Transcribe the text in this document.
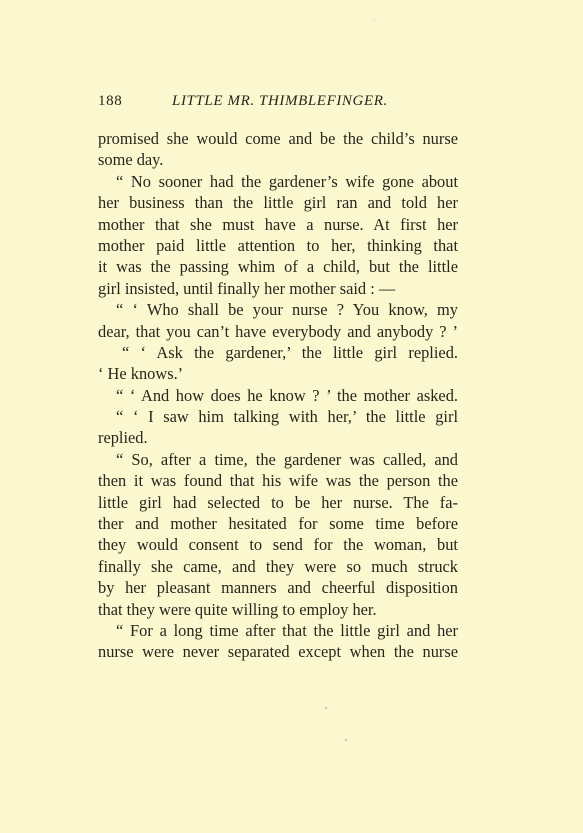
188	LITTLE MR. THIMBLEFINGER.
promised she would come and be the child’s nurse
some day.
“ No sooner had the gardener’s wife gone about
her business than the little girl ran and told her
mother that she must have a nurse. At first her
mother paid little attention to her, thinking that
it was the passing whim of a child, but the little
girl insisted, until finally her mother said : —
“ ‘ Who shall be your nurse ? You know, my
dear, that you can’t have everybody and anybody ? ’
“ ‘ Ask the gardener,’ the little girl replied.
‘ He knows.’
“ ‘ And how does he know ? ’ the mother asked.
“ ‘ I saw him talking with her,’ the little girl
replied.
“ So, after a time, the gardener was called, and
then it was found that his wife was the person the
little girl had selected to be her nurse. The fa-
ther and mother hesitated for some time before
they would consent to send for the woman, but
finally she came, and they were so much struck
by her pleasant manners and cheerful disposition
that they were quite willing to employ her.
“ For a long time after that the little girl and her
nurse were never separated except when the nurse
